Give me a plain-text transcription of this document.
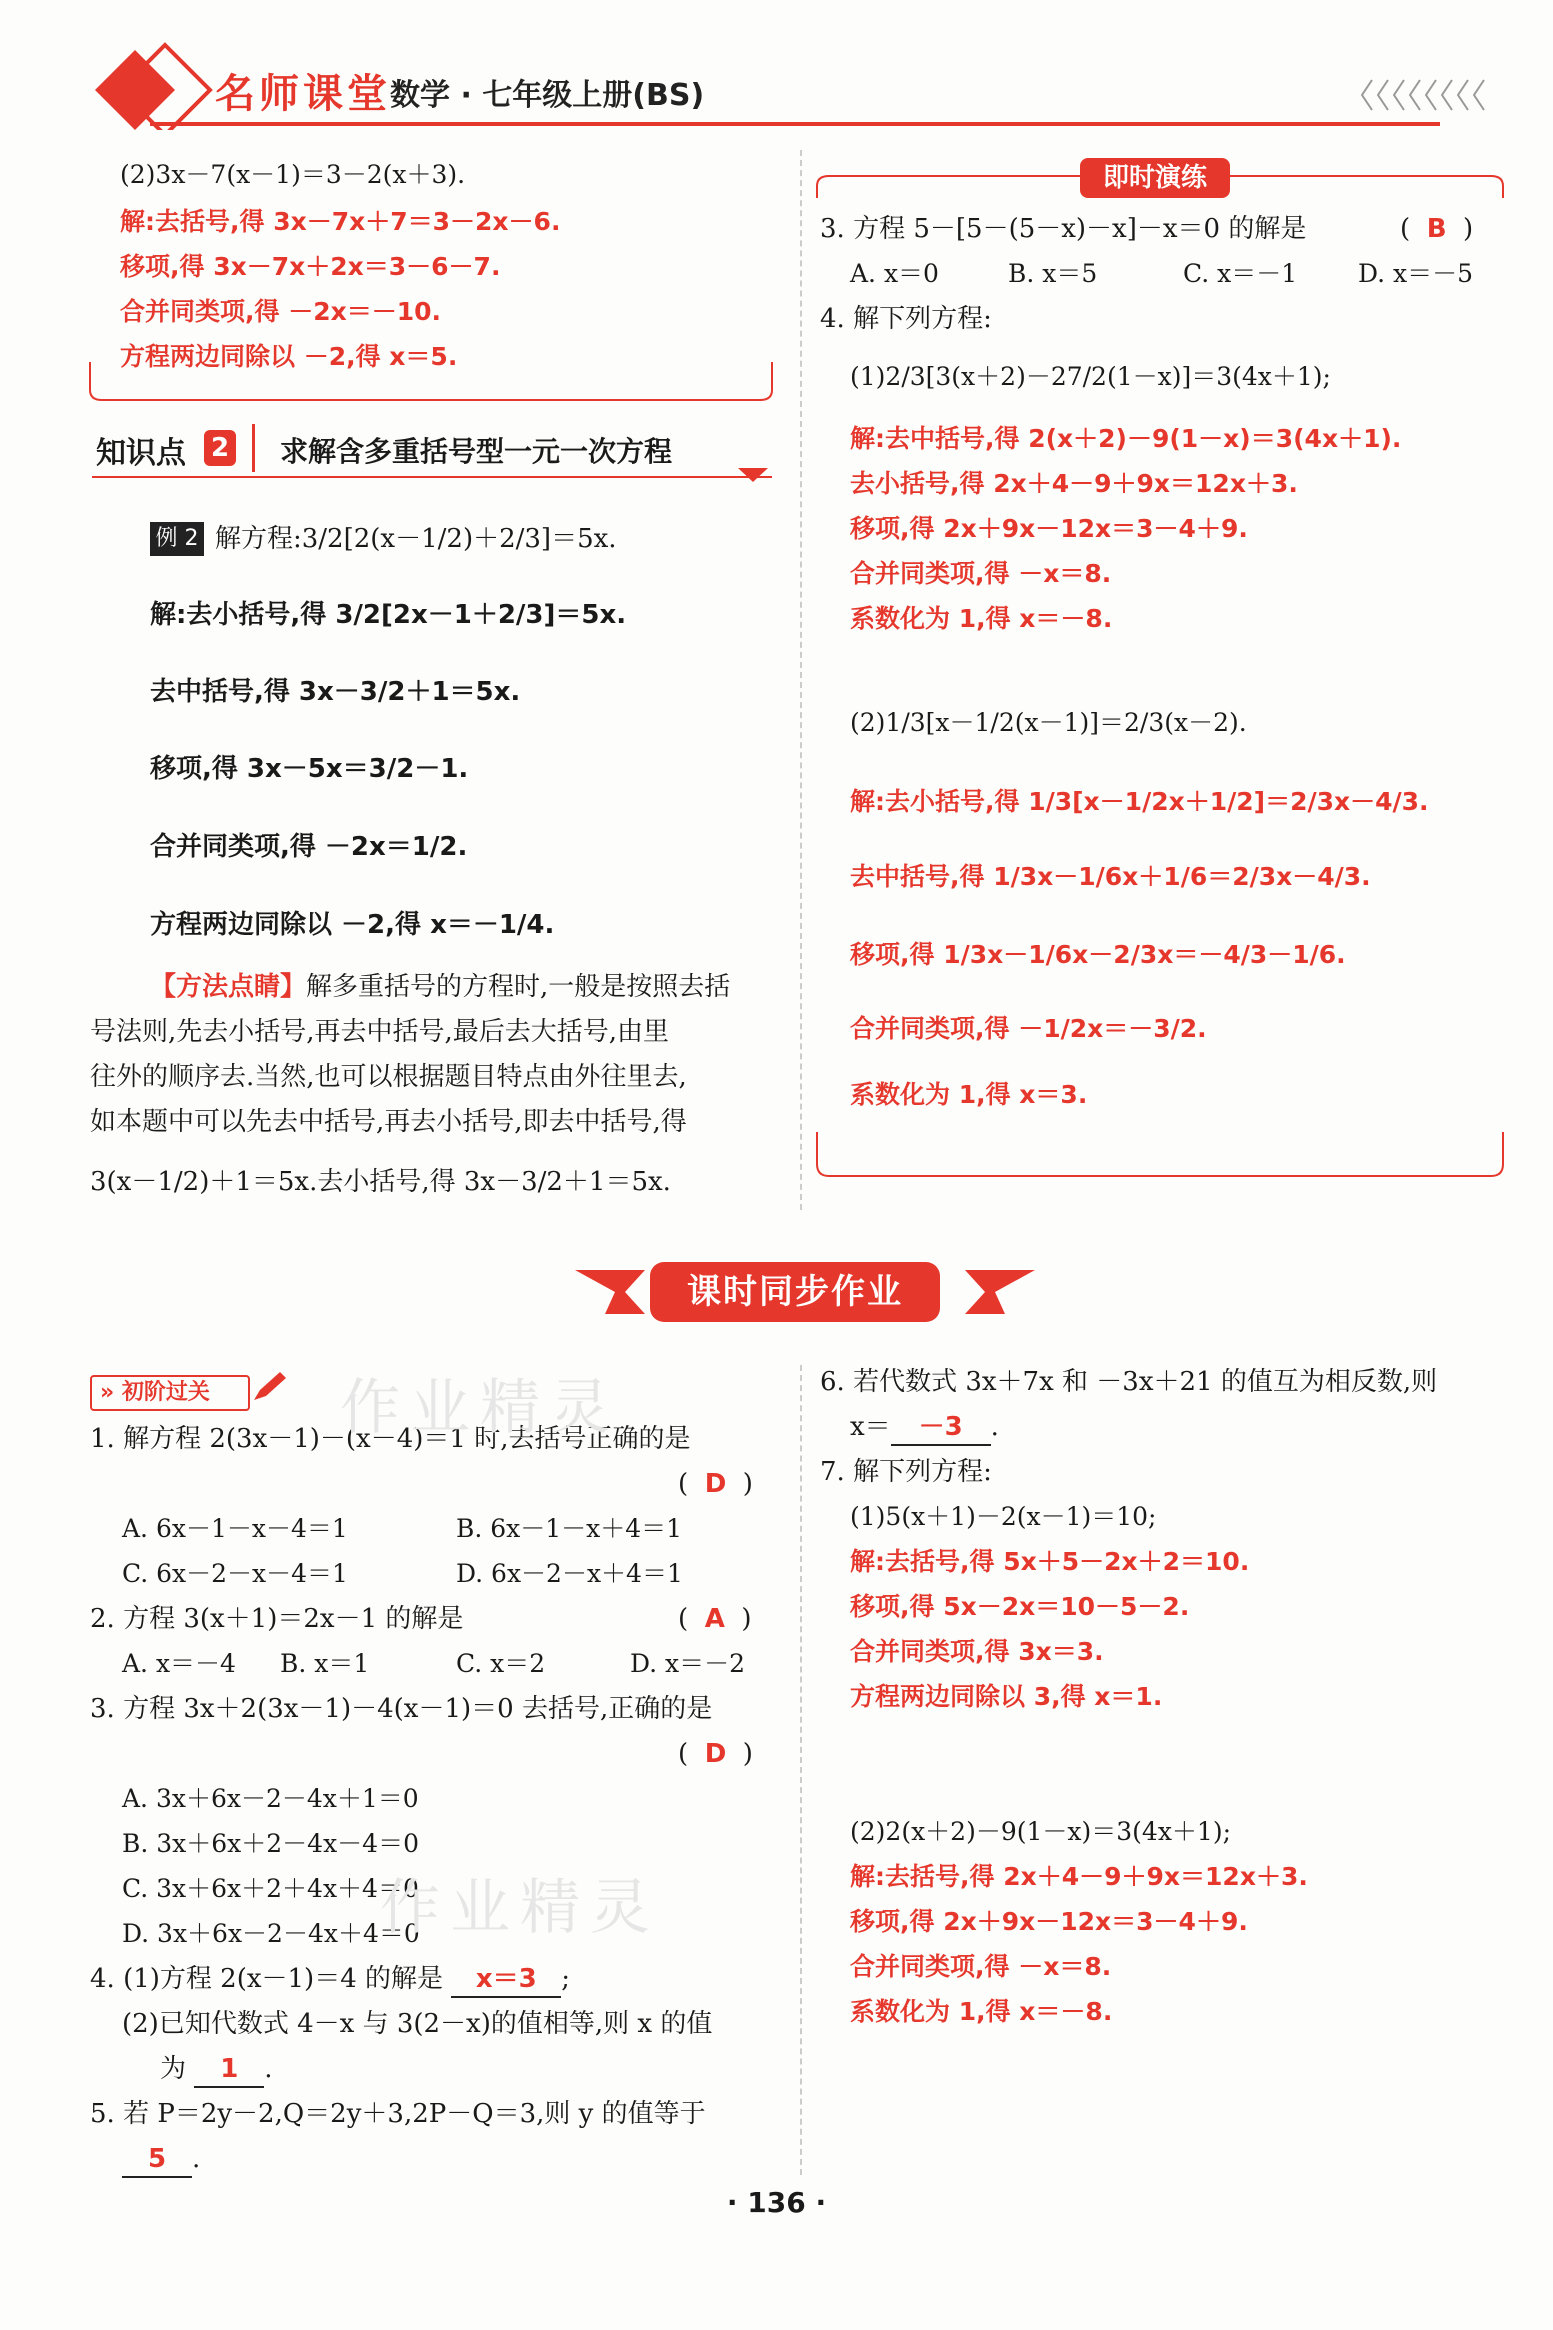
名师课堂 数学 · 七年级上册(BS)
(2)3x－7(x－1)＝3－2(x＋3).
解:去括号,得 3x－7x＋7＝3－2x－6.
移项,得 3x－7x＋2x＝3－6－7.
合并同类项,得 －2x＝－10.
方程两边同除以 －2,得 x＝5.
知识点 2 求解含多重括号型一元一次方程
例 2 解方程:3/2[2(x－1/2)＋2/3]＝5x.
解:去小括号,得 3/2[2x－1＋2/3]＝5x.
去中括号,得 3x－3/2＋1＝5x.
移项,得 3x－5x＝3/2－1.
合并同类项,得 －2x＝1/2.
方程两边同除以 －2,得 x＝－1/4.
【方法点睛】解多重括号的方程时,一般是按照去括
号法则,先去小括号,再去中括号,最后去大括号,由里
往外的顺序去.当然,也可以根据题目特点由外往里去,
如本题中可以先去中括号,再去小括号,即去中括号,得
3(x－1/2)＋1＝5x.去小括号,得 3x－3/2＋1＝5x.
即时演练
3. 方程 5－[5－(5－x)－x]－x＝0 的解是	(  B  )
A. x＝0	B. x＝5	C. x＝－1 D. x＝－5
4. 解下列方程:
(1)2/3[3(x＋2)－27/2(1－x)]＝3(4x＋1);
解:去中括号,得 2(x＋2)－9(1－x)＝3(4x＋1).
去小括号,得 2x＋4－9＋9x＝12x＋3.
移项,得 2x＋9x－12x＝3－4＋9.
合并同类项,得 －x＝8.
系数化为 1,得 x＝－8.
(2)1/3[x－1/2(x－1)]＝2/3(x－2).
解:去小括号,得 1/3[x－1/2x＋1/2]＝2/3x－4/3.
去中括号,得 1/3x－1/6x＋1/6＝2/3x－4/3.
移项,得 1/3x－1/6x－2/3x＝－4/3－1/6.
合并同类项,得 －1/2x＝－3/2.
系数化为 1,得 x＝3.
课时同步作业
» 初阶过关
1. 解方程 2(3x－1)－(x－4)＝1 时,去括号正确的是
(  D  )
A. 6x－1－x－4＝1	B. 6x－1－x＋4＝1
C. 6x－2－x－4＝1	D. 6x－2－x＋4＝1
2. 方程 3(x＋1)＝2x－1 的解是	(  A  )
A. x＝－4 B. x＝1	C. x＝2	D. x＝－2
3. 方程 3x＋2(3x－1)－4(x－1)＝0 去括号,正确的是
(  D  )
A. 3x＋6x－2－4x＋1＝0
B. 3x＋6x＋2－4x－4＝0
C. 3x＋6x＋2＋4x＋4＝0
D. 3x＋6x－2－4x＋4＝0
4. (1)方程 2(x－1)＝4 的解是 x＝3 ;
(2)已知代数式 4－x 与 3(2－x)的值相等,则 x 的值
为 1 .
5. 若 P＝2y－2,Q＝2y＋3,2P－Q＝3,则 y 的值等于
5 .
6. 若代数式 3x＋7x 和 －3x＋21 的值互为相反数,则
x＝ －3 .
7. 解下列方程:
(1)5(x＋1)－2(x－1)＝10;
解:去括号,得 5x＋5－2x＋2＝10.
移项,得 5x－2x＝10－5－2.
合并同类项,得 3x＝3.
方程两边同除以 3,得 x＝1.
(2)2(x＋2)－9(1－x)＝3(4x＋1);
解:去括号,得 2x＋4－9＋9x＝12x＋3.
移项,得 2x＋9x－12x＝3－4＋9.
合并同类项,得 －x＝8.
系数化为 1,得 x＝－8.
作业精灵
作业精灵
· 136 ·
